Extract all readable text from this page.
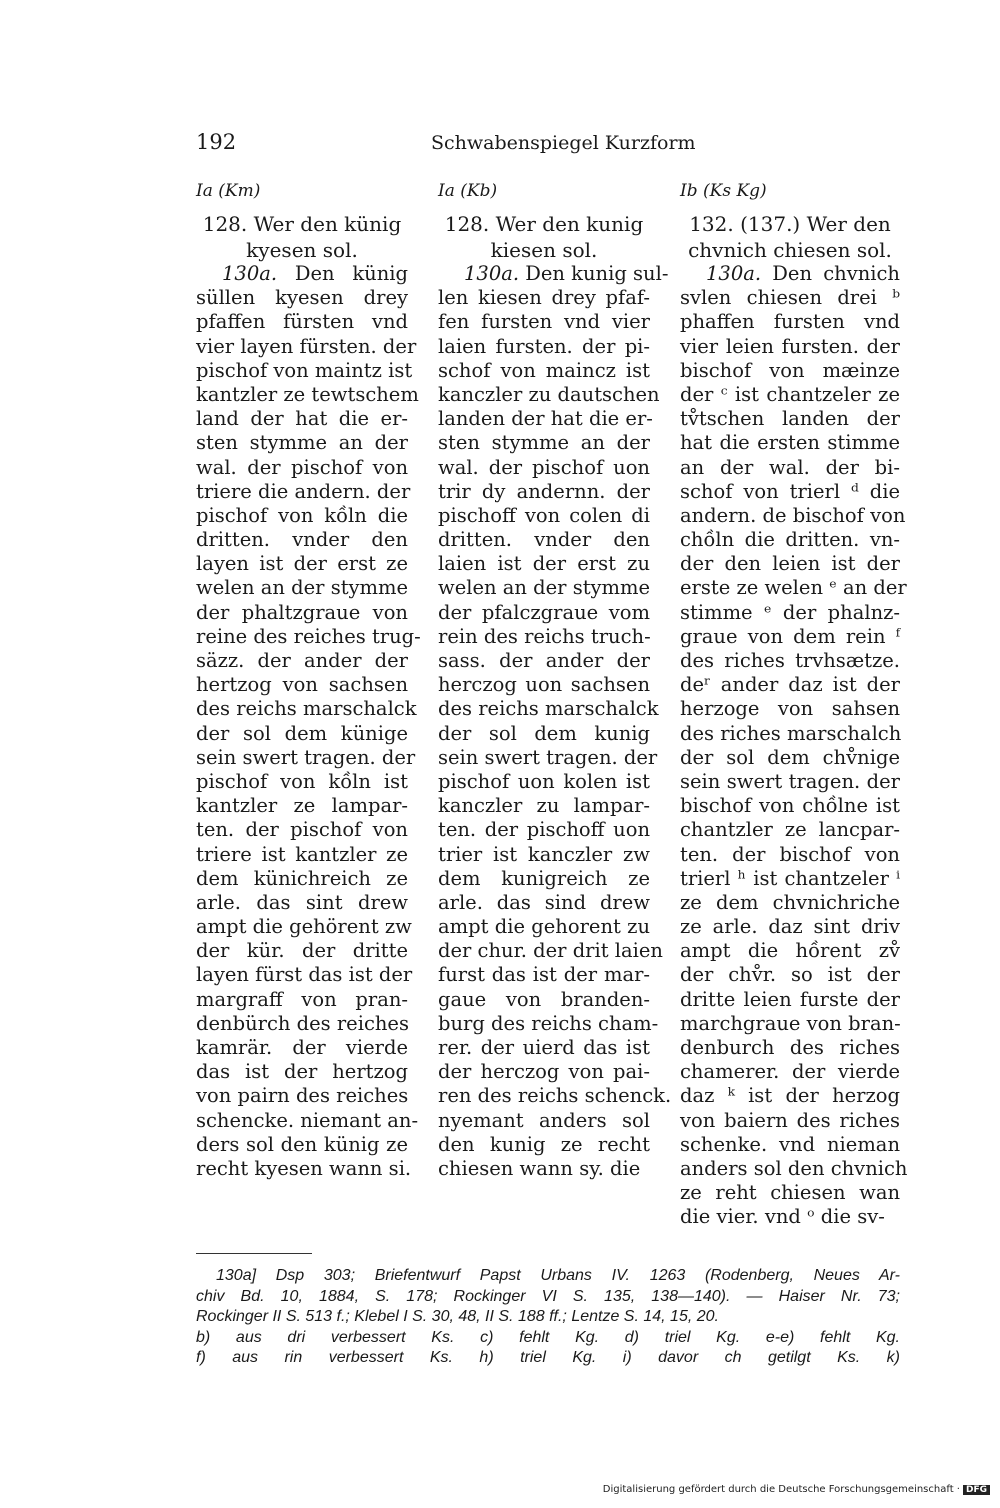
192	Schwabenspiegel Kurzform
Ia (Km)
128. Wer den künig
kyesen sol.
130a. Den künig
süllen kyesen drey
pfaffen fürsten vnd
vier layen fürsten. der
pischof von maintz ist
kantzler ze tewtschem
land der hat die er-
sten stymme an der
wal. der pischof von
triere die andern. der
pischof von kồln die
dritten. vnder den
layen ist der erst ze
welen an der stymme
der phaltzgraue von
reine des reiches trug-
säzz. der ander der
hertzog von sachsen
des reichs marschalck
der sol dem künige
sein swert tragen. der
pischof von kồln ist
kantzler ze lampar-
ten. der pischof von
triere ist kantzler ze
dem künichreich ze
arle. das sint drew
ampt die gehörent zw
der kür. der dritte
layen fürst das ist der
margraff von pran-
denbürch des reiches
kamrär. der vierde
das ist der hertzog
von pairn des reiches
schencke. niemant an-
ders sol den künig ze
recht kyesen wann si.
Ia (Kb)
128. Wer den kunig
kiesen sol.
130a. Den kunig sul-
len kiesen drey pfaf-
fen fursten vnd vier
laien fursten. der pi-
schof von maincz ist
kanczler zu dautschen
landen der hat die er-
sten stymme an der
wal. der pischof uon
trir dy andernn. der
pischoff von colen di
dritten. vnder den
laien ist der erst zu
welen an der stymme
der pfalczgraue vom
rein des reichs truch-
sass. der ander der
herczog uon sachsen
des reichs marschalck
der sol dem kunig
sein swert tragen. der
pischof uon kolen ist
kanczler zu lampar-
ten. der pischoff uon
trier ist kanczler zw
dem kunigreich ze
arle. das sind drew
ampt die gehorent zu
der chur. der drit laien
furst das ist der mar-
gaue von branden-
burg des reichs cham-
rer. der uierd das ist
der herczog von pai-
ren des reichs schenck.
nyemant anders sol
den kunig ze recht
chiesen wann sy. die
Ib (Ks Kg)
132. (137.) Wer den
chvnich chiesen sol.
130a. Den chvnich
svlen chiesen drei ᵇ
phaffen fursten vnd
vier leien fursten. der
bischof von mæinze
der ᶜ ist chantzeler ze
tv̊tschen landen der
hat die ersten stimme
an der wal. der bi-
schof von trierl ᵈ die
andern. de bischof von
chồln die dritten. vn-
der den leien ist der
erste ze welen ᵉ an der
stimme ᵉ der phalnz-
graue von dem rein ᶠ
des riches trvhsætze.
deʳ ander daz ist der
herzoge von sahsen
des riches marschalch
der sol dem chv̊nige
sein swert tragen. der
bischof von chồlne ist
chantzler ze lancpar-
ten. der bischof von
trierl ʰ ist chantzeler ⁱ
ze dem chvnichriche
ze arle. daz sint driv
ampt die hồrent zv̊
der chv̊r. so ist der
dritte leien furste der
marchgraue von bran-
denburch des riches
chamerer. der vierde
daz ᵏ ist der herzog
von baiern des riches
schenke. vnd nieman
anders sol den chvnich
ze reht chiesen wan
die vier. vnd ᵒ die sv-
130a] Dsp 303; Briefentwurf Papst Urbans IV. 1263 (Rodenberg, Neues Ar-
chiv Bd. 10, 1884, S. 178; Rockinger VI S. 135, 138—140). — Haiser Nr. 73;
Rockinger II S. 513 f.; Klebel I S. 30, 48, II S. 188 ff.; Lentze S. 14, 15, 20.
b) aus dri verbessert Ks. c) fehlt Kg. d) triel Kg. e-e) fehlt Kg.
f) aus rin verbessert Ks. h) triel Kg. i) davor ch getilgt Ks. k)
Digitalisierung gefördert durch die Deutsche Forschungsgemeinschaft · DFG
